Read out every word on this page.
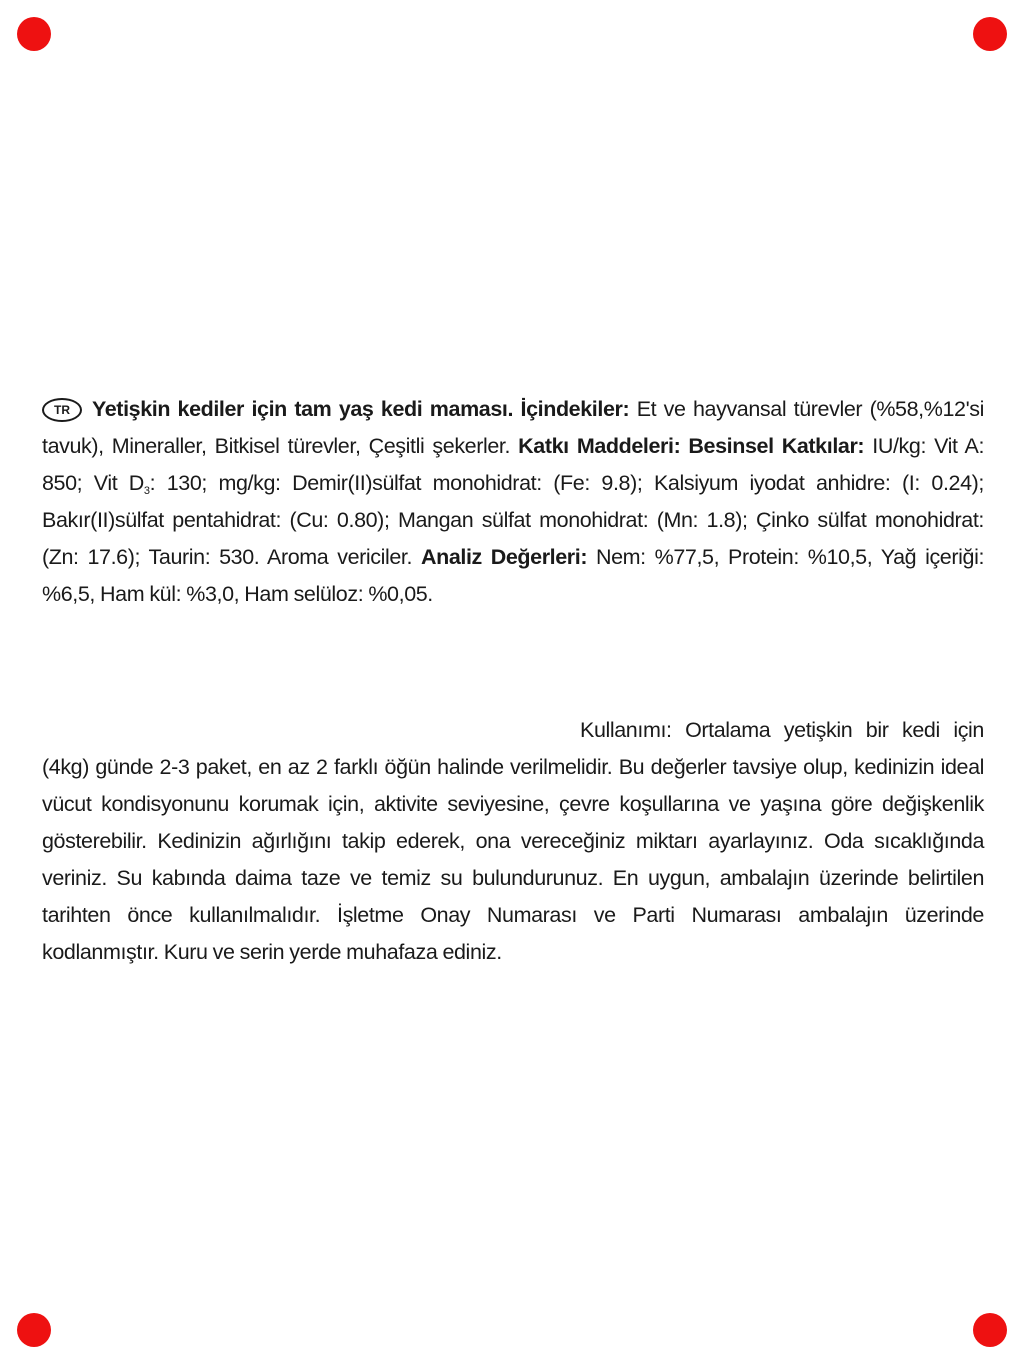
TR Yetişkin kediler için tam yaş kedi maması. İçindekiler: Et ve hayvansal türevler (%58,%12'si tavuk), Mineraller, Bitkisel türevler, Çeşitli şekerler. Katkı Maddeleri: Besinsel Katkılar: IU/kg: Vit A: 850; Vit $D_3$: 130; mg/kg: Demir(II)sülfat monohidrat: (Fe: 9.8); Kalsiyum iyodat anhidre: (I: 0.24); Bakır(II)sülfat pentahidrat: (Cu: 0.80); Mangan sülfat monohidrat: (Mn: 1.8); Çinko sülfat monohidrat: (Zn: 17.6); Taurin: 530. Aroma vericiler. Analiz Değerleri: Nem: %77,5, Protein: %10,5, Yağ içeriği: %6,5, Ham kül: %3,0, Ham selüloz: %0,05.
Kullanımı: Ortalama yetişkin bir kedi için (4kg) günde 2-3 paket, en az 2 farklı öğün halinde verilmelidir. Bu değerler tavsiye olup, kedinizin ideal vücut kondisyonunu korumak için, aktivite seviyesine, çevre koşullarına ve yaşına göre değişkenlik gösterebilir. Kedinizin ağırlığını takip ederek, ona vereceğiniz miktarı ayarlayınız. Oda sıcaklığında veriniz. Su kabında daima taze ve temiz su bulundurunuz. En uygun, ambalajın üzerinde belirtilen tarihten önce kullanılmalıdır. İşletme Onay Numarası ve Parti Numarası ambalajın üzerinde kodlanmıştır. Kuru ve serin yerde muhafaza ediniz.
